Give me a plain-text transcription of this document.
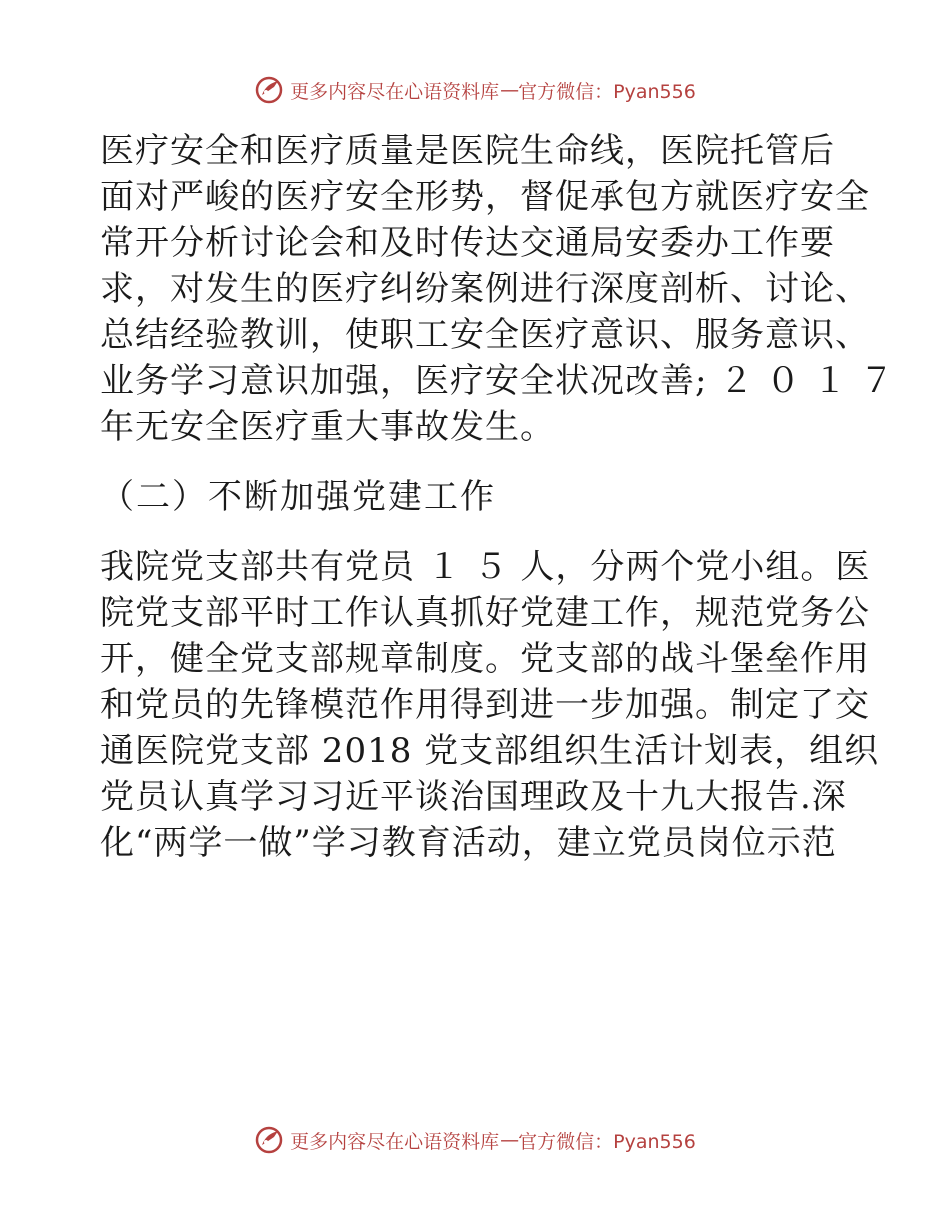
更多内容尽在心语资料库 — 官方微信：Pyan556
医疗安全和医疗质量是医院生命线，医院托管后
面对严峻的医疗安全形势，督促承包方就医疗安全
常开分析讨论会和及时传达交通局安委办工作要
求，对发生的医疗纠纷案例进行深度剖析、讨论、
总结经验教训，使职工安全医疗意识、服务意识、
业务学习意识加强，医疗安全状况改善; ２ ０ １ ７
年无安全医疗重大事故发生。
（二）不断加强党建工作
我院党支部共有党员 １ ５ 人，分两个党小组。医
院党支部平时工作认真抓好党建工作，规范党务公
开，健全党支部规章制度。党支部的战斗堡垒作用
和党员的先锋模范作用得到进一步加强。制定了交
通医院党支部 2018 党支部组织生活计划表，组织
党员认真学习习近平谈治国理政及十九大报告.深
化“两学一做”学习教育活动，建立党员岗位示范
更多内容尽在心语资料库 — 官方微信：Pyan556
